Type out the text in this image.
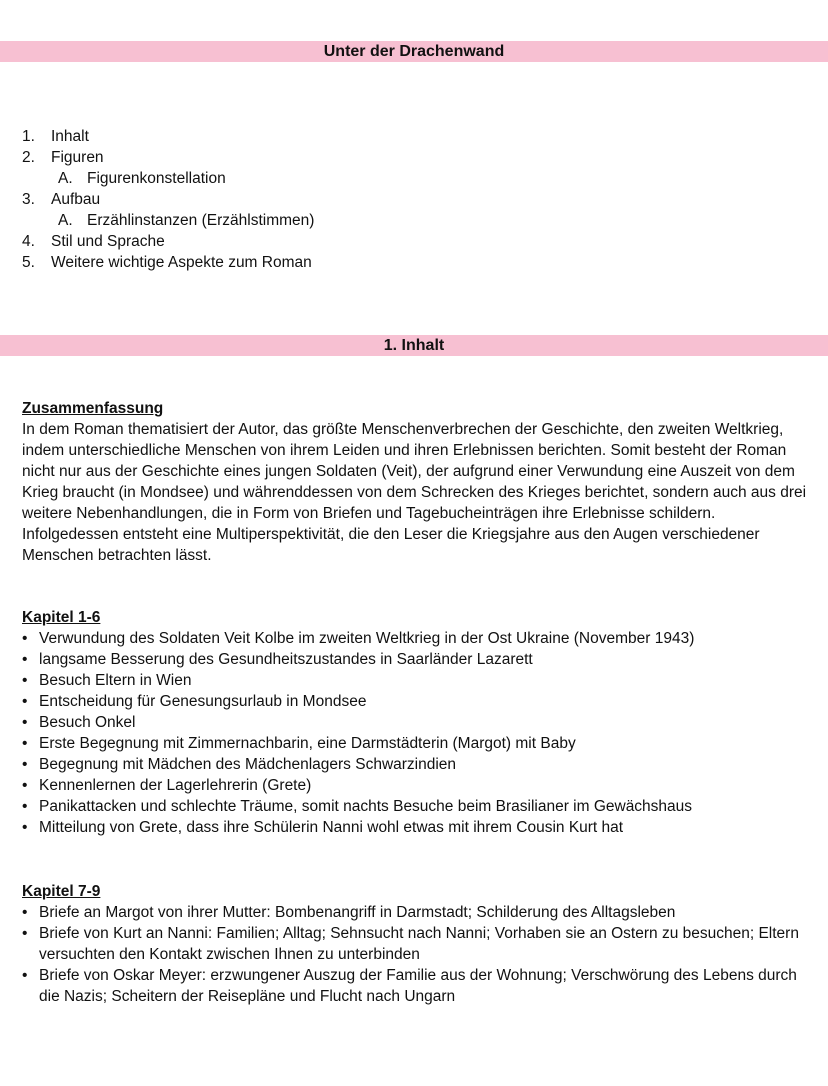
Unter der Drachenwand
1. Inhalt
2. Figuren
A. Figurenkonstellation
3. Aufbau
A. Erzählinstanzen (Erzählstimmen)
4. Stil und Sprache
5. Weitere wichtige Aspekte zum Roman
1. Inhalt
Zusammenfassung

In dem Roman thematisiert der Autor, das größte Menschenverbrechen der Geschichte, den zweiten Weltkrieg, indem unterschiedliche Menschen von ihrem Leiden und ihren Erlebnissen berichten. Somit besteht der Roman nicht nur aus der Geschichte eines jungen Soldaten (Veit), der aufgrund einer Verwundung eine Auszeit von dem Krieg braucht (in Mondsee) und währenddessen von dem Schrecken des Krieges berichtet, sondern auch aus drei weitere Nebenhandlungen, die in Form von Briefen und Tagebucheinträgen ihre Erlebnisse schildern. Infolgedessen entsteht eine Multiperspektivität, die den Leser die Kriegsjahre aus den Augen verschiedener Menschen betrachten lässt.

Kapitel 1-6
• Verwundung des Soldaten Veit Kolbe im zweiten Weltkrieg in der Ost Ukraine (November 1943)
• langsame Besserung des Gesundheitszustandes in Saarländer Lazarett
• Besuch Eltern in Wien
• Entscheidung für Genesungsurlaub in Mondsee
• Besuch Onkel
• Erste Begegnung mit Zimmernachbarin, eine Darmstädterin (Margot) mit Baby
• Begegnung mit Mädchen des Mädchenlagers Schwarzindien
• Kennenlernen der Lagerlehrerin (Grete)
• Panikattacken und schlechte Träume, somit nachts Besuche beim Brasilianer im Gewächshaus
• Mitteilung von Grete, dass ihre Schülerin Nanni wohl etwas mit ihrem Cousin Kurt hat
Kapitel 7-9
• Briefe an Margot von ihrer Mutter: Bombenangriff in Darmstadt; Schilderung des Alltagsleben
• Briefe von Kurt an Nanni: Familien; Alltag; Sehnsucht nach Nanni; Vorhaben sie an Ostern zu besuchen; Eltern versuchten den Kontakt zwischen Ihnen zu unterbinden
• Briefe von Oskar Meyer: erzwungener Auszug der Familie aus der Wohnung; Verschwörung des Lebens durch die Nazis; Scheitern der Reisepläne und Flucht nach Ungarn
